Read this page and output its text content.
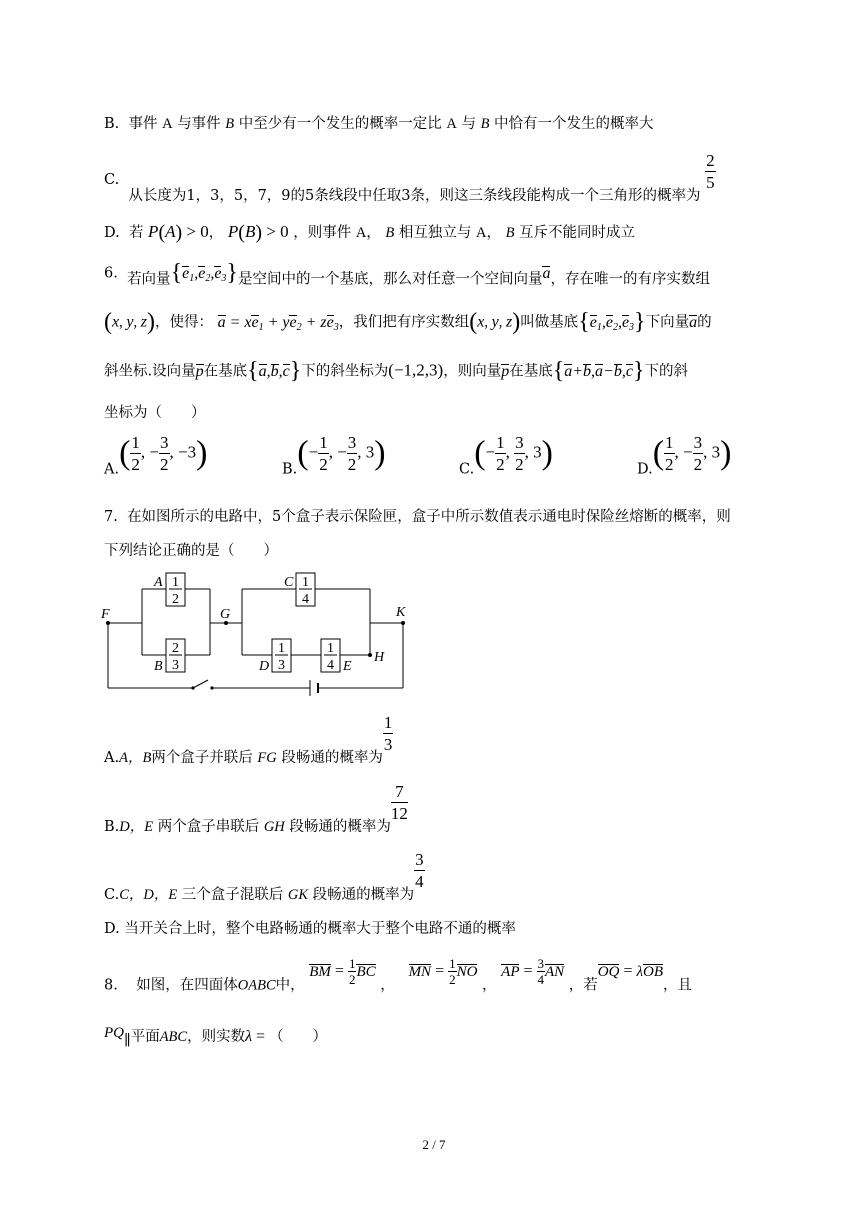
B. 事件 A 与事件 B 中至少有一个发生的概率一定比 A 与 B 中恰有一个发生的概率大
C.  从长度为1，3，5，7，9的5条线段中任取3条，则这三条线段能构成一个三角形的概率为
$\frac{2}{5}$
D. 若 P(A) > 0， P(B) > 0 ，则事件 A， B 相互独立与 A， B 互斥不能同时成立
6. 若向量$\{e_1,e_2,e_3\}$是空间中的一个基底，那么对任意一个空间向量a，存在唯一的有序实数组
(x, y, z)，使得： $a = xe_1 + ye_2 + ze_3$，我们把有序实数组(x, y, z)叫做基底$\{e_1,e_2,e_3\}$下向量a的
斜坐标.设向量p在基底{a,b,c}下的斜坐标为(−1,2,3)，则向量p在基底{a+b,a−b,c}下的斜
坐标为（　　）
$A.( \frac{1}{2}$ , − $\frac{3}{2}$ , −3)	$B.(- \frac{1}{2}$ , − $\frac{3}{2}$ , 3)	$C.(- \frac{1}{2}$ , $\frac{3}{2}$ , 3)	$D.( \frac{1}{2}$ , − $\frac{3}{2}$ , 3)
7. 在如图所示的电路中，5个盒子表示保险匣，盒子中所示数值表示通电时保险丝熔断的概率，则
下列结论正确的是（　　）
F	G	K
H
A
B
C
D	E
1
2
2
3
1
4
1
3
1
4
A.A，B两个盒子并联后 FG 段畅通的概率为
$\frac{1}{3}$
B.D，E 两个盒子串联后 GH 段畅通的概率为
$\frac{7}{12}$
C.C，D，E 三个盒子混联后 GK 段畅通的概率为
$\frac{3}{4}$
D. 当开关合上时，整个电路畅通的概率大于整个电路不通的概率
8. 如图，在四面体OABC中， BM = $\frac{1}{2}$ BC ，   MN = $\frac{1}{2}$ NO ， AP = $\frac{3}{4}$ AN ，若OQ = λOB，且
PQ∥平面ABC，则实数λ = （　　）
2 / 7
